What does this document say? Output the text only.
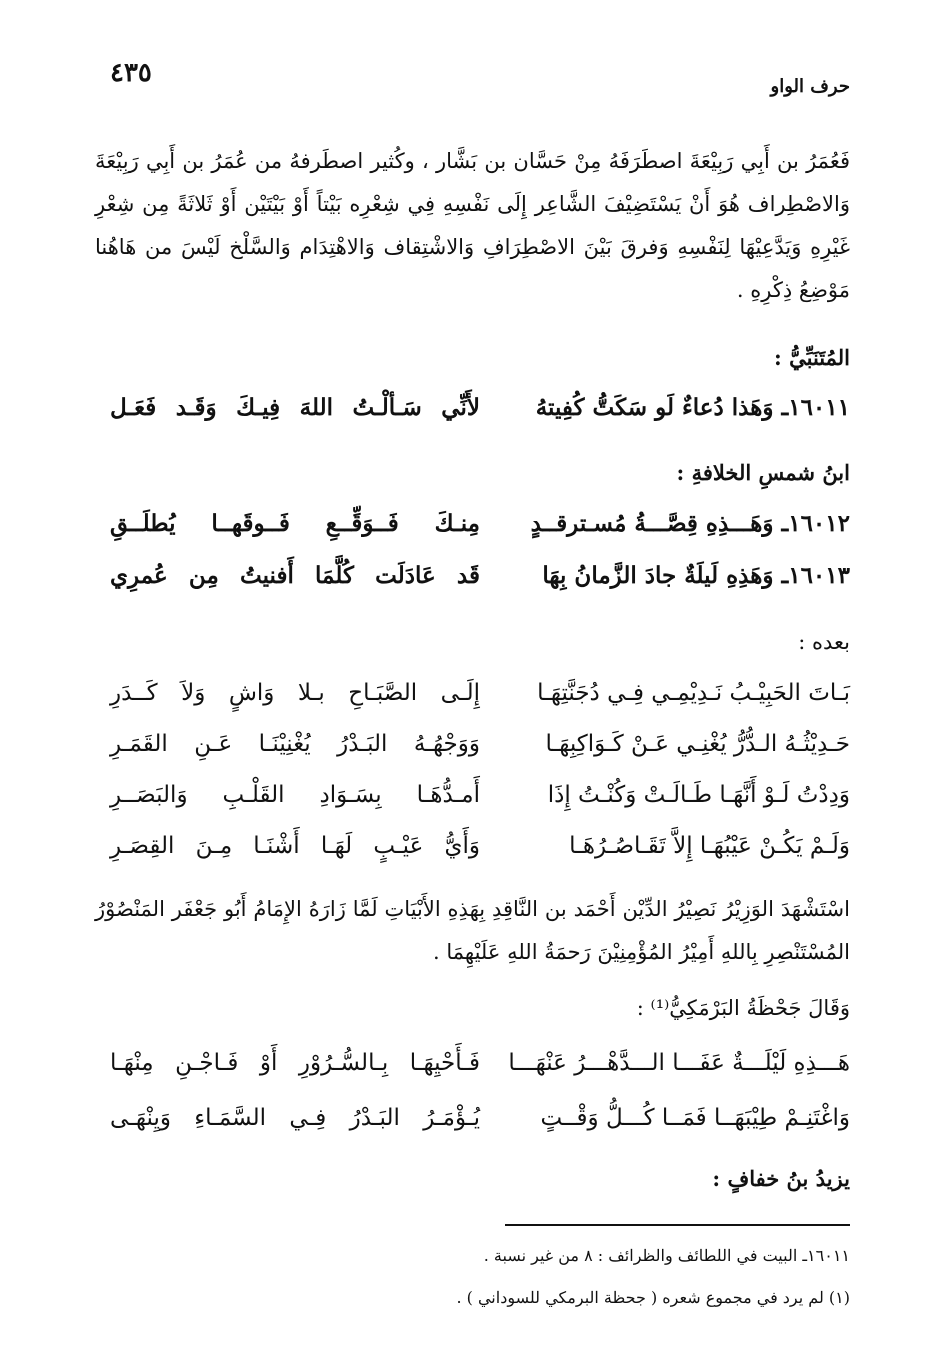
٤٣٥	حرف الواو
فَعُمَرُ بن أَبِي رَبِيْعَةَ اصطَرَفَهُ مِنْ حَسَّان بن بَشَّار ، وكُثير اصطَرفهُ من عُمَرُ بن أَبِي رَبِيْعَةَ وَالاصْطِراف هُوَ أَنْ يَسْتَضِيْفَ الشَّاعِر إِلَى نَفْسِهِ فِي شِعْرِه بَيْتاً أَوْ بَيْتَيْن أَوْ ثَلاثَةً مِن شِعْرِ غَيْرِهِ وَيَدَّعِيْهَا لِنَفْسِهِ وَفرقَ بَيْنَ الاصْطِرَافِ وَالاشْتِقاف وَالاهْتِدَام وَالسَّلْخ لَيْسَ من هَاهُنا مَوْضِعُ ذِكْرِهِ .
المُتَنَبِّيُّ :
١٦٠١١ـ وَهَذا دُعاءٌ لَو سَكَتُّ كُفِيتهُ
لأَنِّي سَـألْـتُ اللهَ فِيـكَ وَقَـد فَعَـل
ابنُ شمسِ الخلافةِ :
١٦٠١٢ـ وَهَـــذِهِ قِصَّـــةُ مُسـترقــدٍ
مِنـكَ فَــوَقِّــعِ فَــوقَهــا يُطلَــقِ
١٦٠١٣ـ وَهَذِهِ لَيلَةٌ جادَ الزَّمانُ بِهَا
قَد عَادَلَت كُلَّمَا أَفنيتُ مِن عُمرِي
بعده :
بَـاتَ الحَبِيْـبُ نَـدِيْمِـي فِـي دُجَنَّتِهَـا
إِلَـى الصَّبَـاحِ بـلا وَاشٍ وَلاَ كَــدَرِ
حَـدِيْثُـهُ الـدُّرُّ يُغْنِـي عَـنْ كَـوَاكِبِهَـا
وَوَجْهُـهُ البَـدْرُ يُغْنِيْنَـا عَـنِ القَمَـرِ
وَدِدْتُ لَـوْ أَنَّهَـا طَـالَـتْ وَكُنْـتُ إِذَا
أَمـدُّهَـا بِسَـوَادِ القَلْـبِ وَالبَصَــرِ
وَلَـمْ يَكُـنْ عَيْبُهَـا إِلاَّ تَقَـاصُـرُهَـا
وَأَيُّ عَيْـبٍ لَهَـا أَشْنَـا مِـنَ القِصَـرِ
اسْتَشْهَدَ الوَزِيْرُ نَصِيْرُ الدِّيْن أَحْمَد بن النَّاقِدِ بِهَذِهِ الأَبْيَاتِ لَمَّا زَارَهُ الإِمَامُ أَبُو جَعْفَر المَنْصُوْرُ المُسْتَنْصِرِ بِاللهِ أَمِيْرُ المُؤْمِنِيْنَ رَحمَةُ اللهِ عَلَيْهِمَا .
وَقَالَ جَحْظَةُ البَرْمَكِيُّ⁽¹⁾ :
هَـــذِهِ لَيْلَـــةٌ عَفَـــا الـــدَّهْـــرُ عَنْهَـــا
فَـأَحْيِهَـا بِـالسُّـرُوْرِ أَوْ فَـاجْـنِ مِنْهَـا
وَاغْتَنِـمْ طِيْبَهَــا فَمَــا كُـــلُّ وَقْــتٍ
يُـؤْمَـرُ البَـدْرُ فِـي السَّمَـاءِ وَيِنْهَـى
يزيدُ بنُ خفافٍ :
١٦٠١١ـ البيت في اللطائف والظرائف : ٨ من غير نسبة .
(١) لم يرد في مجموع شعره ( جحظة البرمكي للسوداني ) .
